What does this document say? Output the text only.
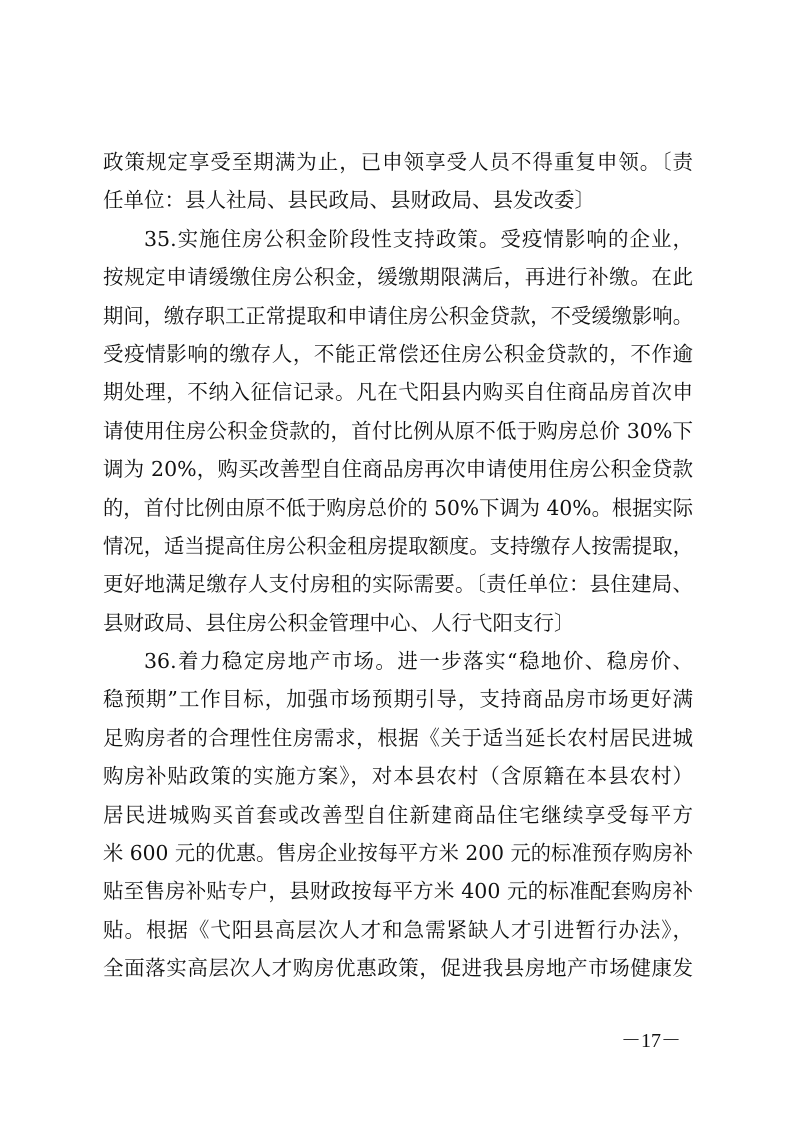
政策规定享受至期满为止，已申领享受人员不得重复申领。〔责
任单位：县人社局、县民政局、县财政局、县发改委〕
35.实施住房公积金阶段性支持政策。受疫情影响的企业，
按规定申请缓缴住房公积金，缓缴期限满后，再进行补缴。在此
期间，缴存职工正常提取和申请住房公积金贷款，不受缓缴影响。
受疫情影响的缴存人，不能正常偿还住房公积金贷款的，不作逾
期处理，不纳入征信记录。凡在弋阳县内购买自住商品房首次申
请使用住房公积金贷款的，首付比例从原不低于购房总价 30%下
调为 20%，购买改善型自住商品房再次申请使用住房公积金贷款
的，首付比例由原不低于购房总价的 50%下调为 40%。根据实际
情况，适当提高住房公积金租房提取额度。支持缴存人按需提取，
更好地满足缴存人支付房租的实际需要。〔责任单位：县住建局、
县财政局、县住房公积金管理中心、人行弋阳支行〕
36.着力稳定房地产市场。进一步落实“稳地价、稳房价、
稳预期”工作目标，加强市场预期引导，支持商品房市场更好满
足购房者的合理性住房需求，根据《关于适当延长农村居民进城
购房补贴政策的实施方案》，对本县农村（含原籍在本县农村）
居民进城购买首套或改善型自住新建商品住宅继续享受每平方
米 600 元的优惠。售房企业按每平方米 200 元的标准预存购房补
贴至售房补贴专户，县财政按每平方米 400 元的标准配套购房补
贴。根据《弋阳县高层次人才和急需紧缺人才引进暂行办法》，
全面落实高层次人才购房优惠政策，促进我县房地产市场健康发
－17－
